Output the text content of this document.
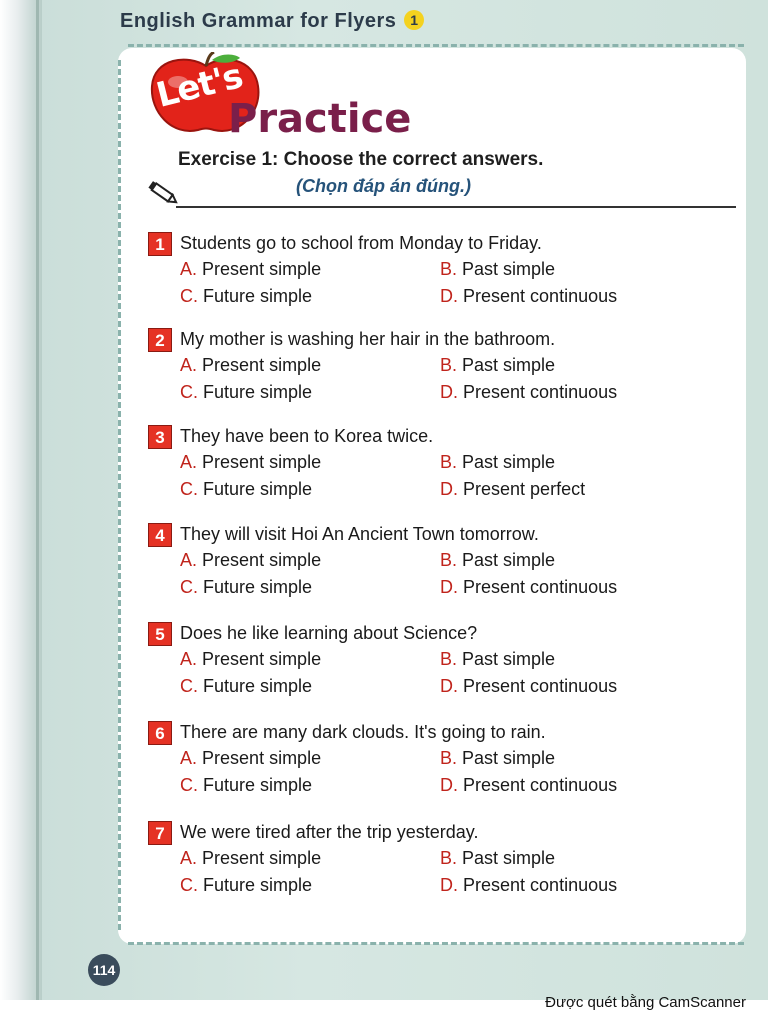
English Grammar for Flyers 1
Let's
Practice
Exercise 1: Choose the correct answers.
(Chọn đáp án đúng.)
1 Students go to school from Monday to Friday.
A. Present simple	B. Past simple
C. Future simple	D. Present continuous
2 My mother is washing her hair in the bathroom.
A. Present simple	B. Past simple
C. Future simple	D. Present continuous
3 They have been to Korea twice.
A. Present simple	B. Past simple
C. Future simple	D. Present perfect
4 They will visit Hoi An Ancient Town tomorrow.
A. Present simple	B. Past simple
C. Future simple	D. Present continuous
5 Does he like learning about Science?
A. Present simple	B. Past simple
C. Future simple	D. Present continuous
6 There are many dark clouds. It's going to rain.
A. Present simple	B. Past simple
C. Future simple	D. Present continuous
7 We were tired after the trip yesterday.
A. Present simple	B. Past simple
C. Future simple	D. Present continuous
114
Được quét bằng CamScanner
